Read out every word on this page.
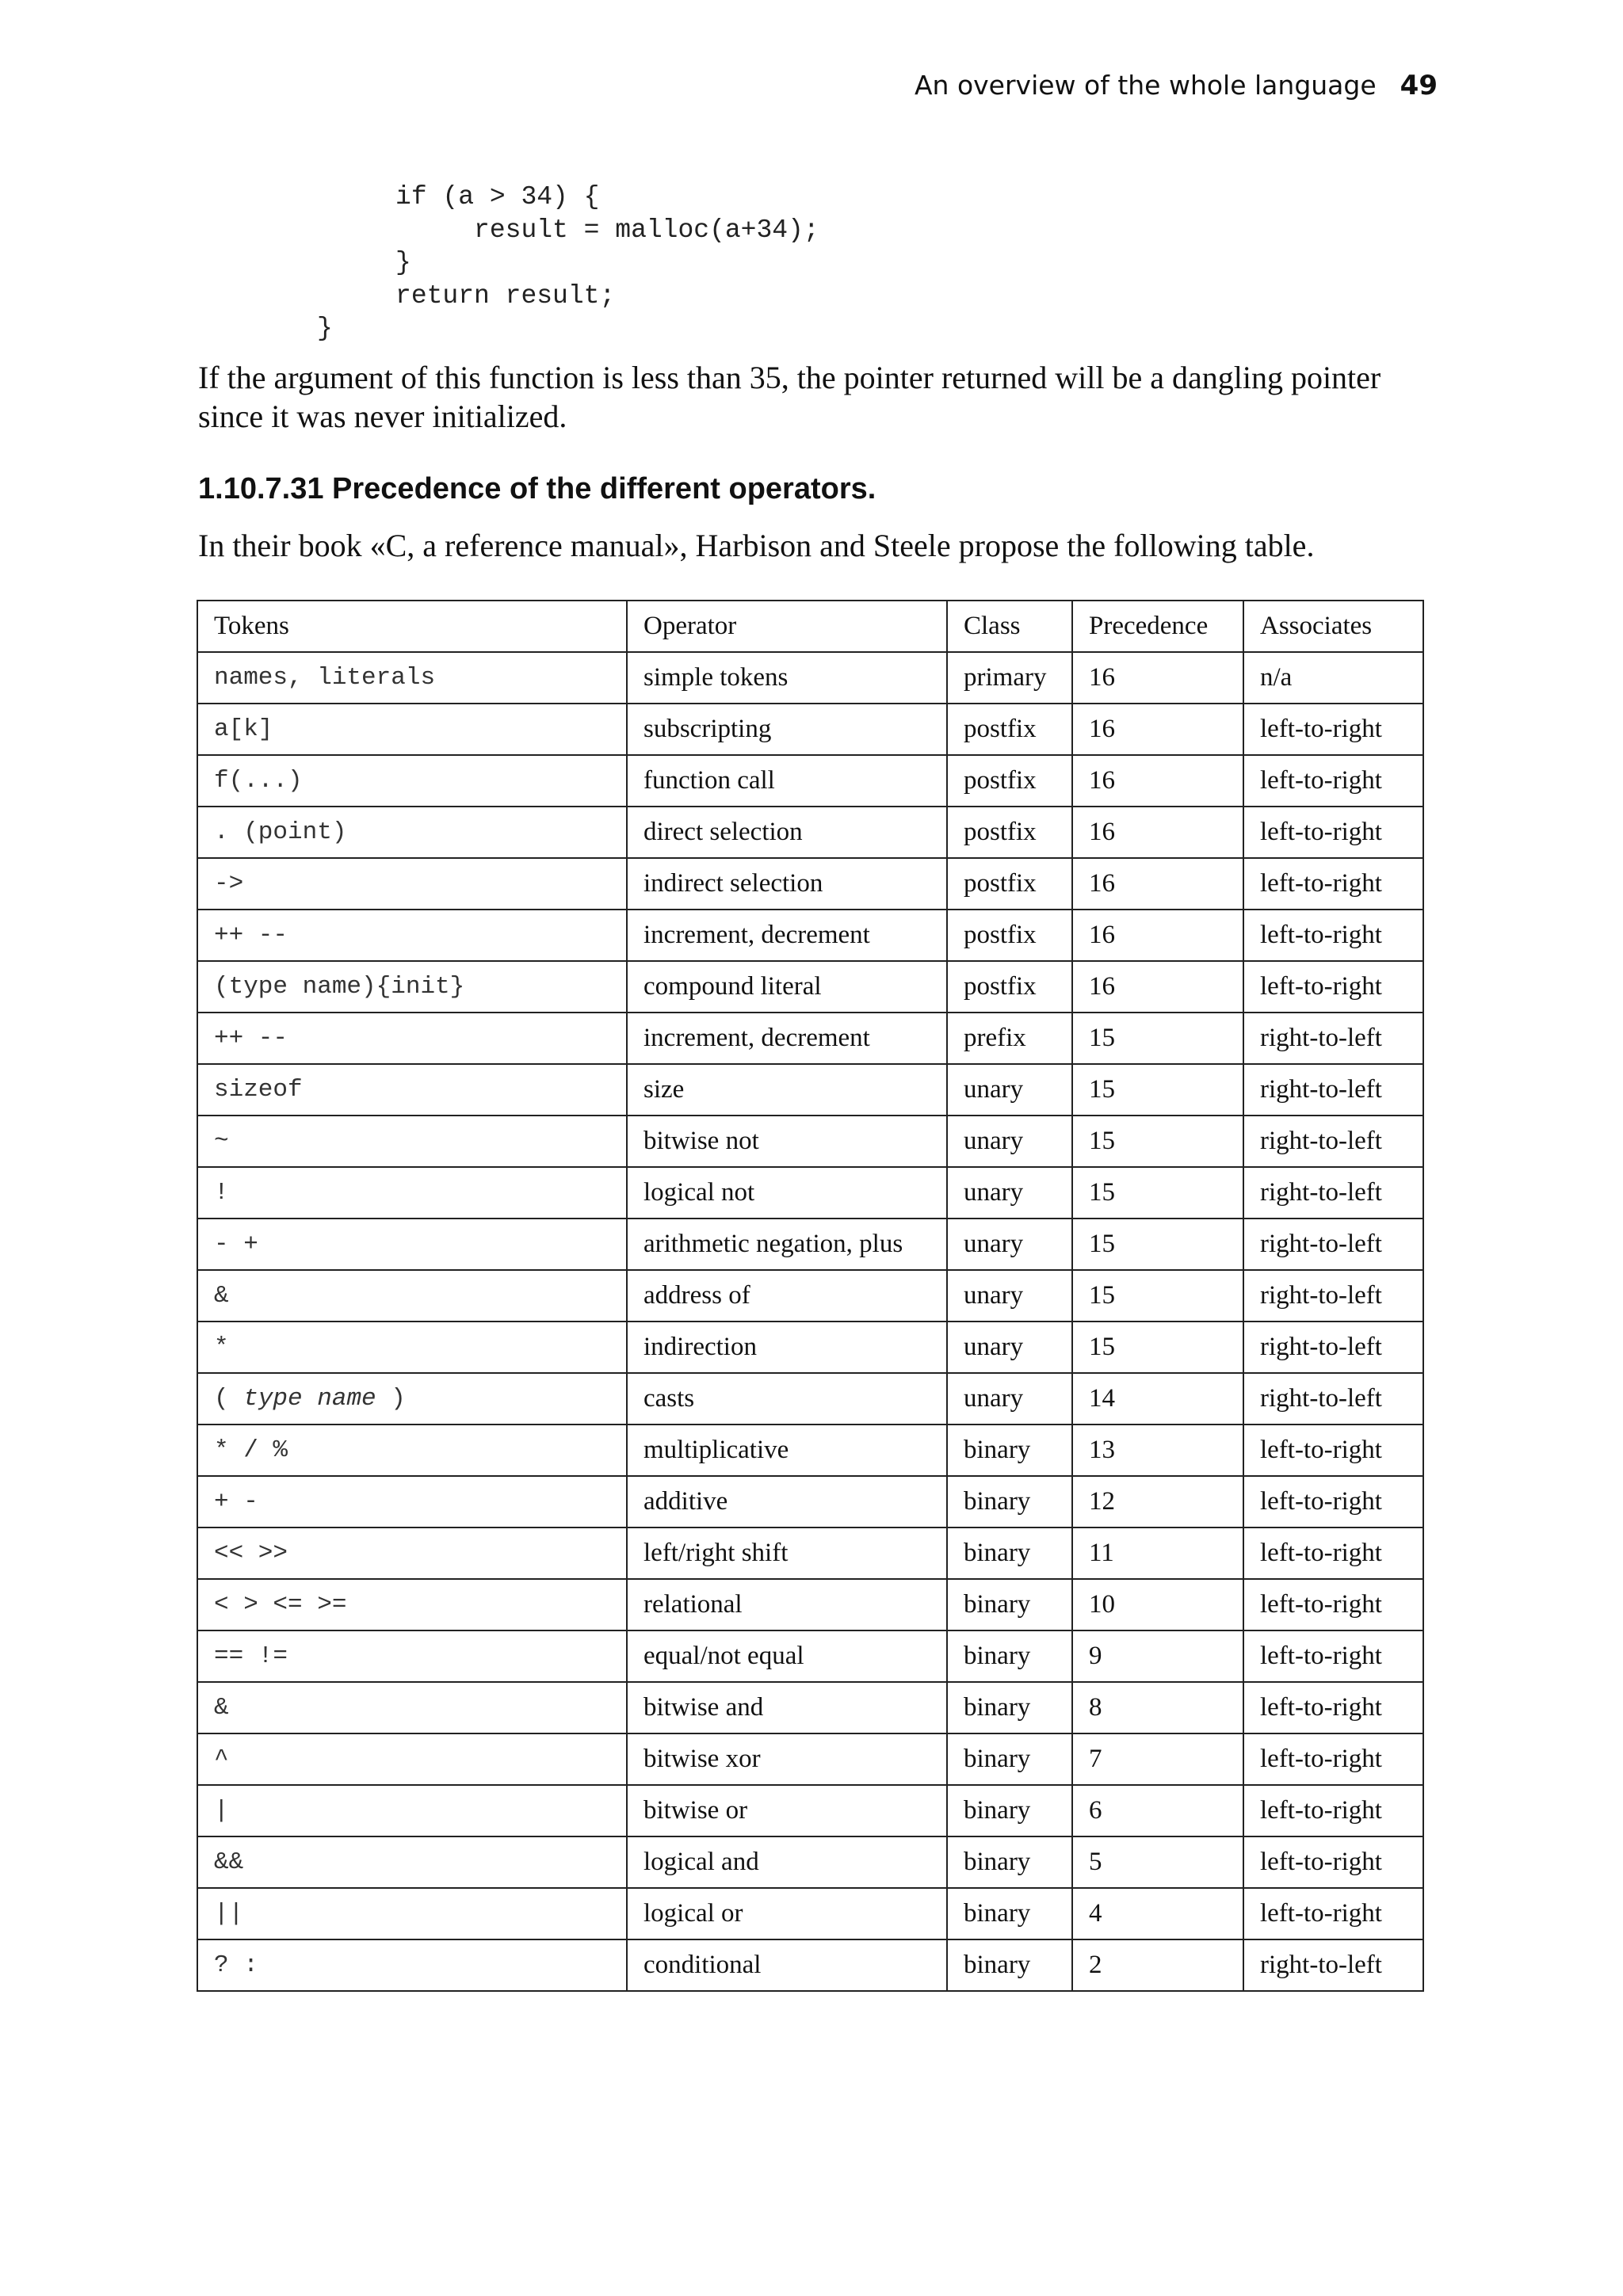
An overview of the whole language 49
if (a > 34) {
result = malloc(a+34);
}
return result;
}

If the argument of this function is less than 35, the pointer returned will be a dangling pointer since it was never initialized.

1.10.7.31 Precedence of the different operators.

In their book «C, a reference manual», Harbison and Steele propose the following table.

Tokens	Operator	Class	Precedence	Associates
names, literals	simple tokens	primary	16	n/a
a[k]	subscripting	postfix	16	left-to-right
f(...)	function call	postfix	16	left-to-right
. (point)	direct selection	postfix	16	left-to-right
->	indirect selection	postfix	16	left-to-right
++ --	increment, decrement	postfix	16	left-to-right
(type name){init}	compound literal	postfix	16	left-to-right
++ --	increment, decrement	prefix	15	right-to-left
sizeof	size	unary	15	right-to-left
~	bitwise not	unary	15	right-to-left
!	logical not	unary	15	right-to-left
- +	arithmetic negation, plus	unary	15	right-to-left
&	address of	unary	15	right-to-left
*	indirection	unary	15	right-to-left
( type name )	casts	unary	14	right-to-left
* / %	multiplicative	binary	13	left-to-right
+ -	additive	binary	12	left-to-right
<< >>	left/right shift	binary	11	left-to-right
< > <= >=	relational	binary	10	left-to-right
== !=	equal/not equal	binary	9	left-to-right
&	bitwise and	binary	8	left-to-right
^	bitwise xor	binary	7	left-to-right
|	bitwise or	binary	6	left-to-right
&&	logical and	binary	5	left-to-right
||	logical or	binary	4	left-to-right
? :	conditional	binary	2	right-to-left
